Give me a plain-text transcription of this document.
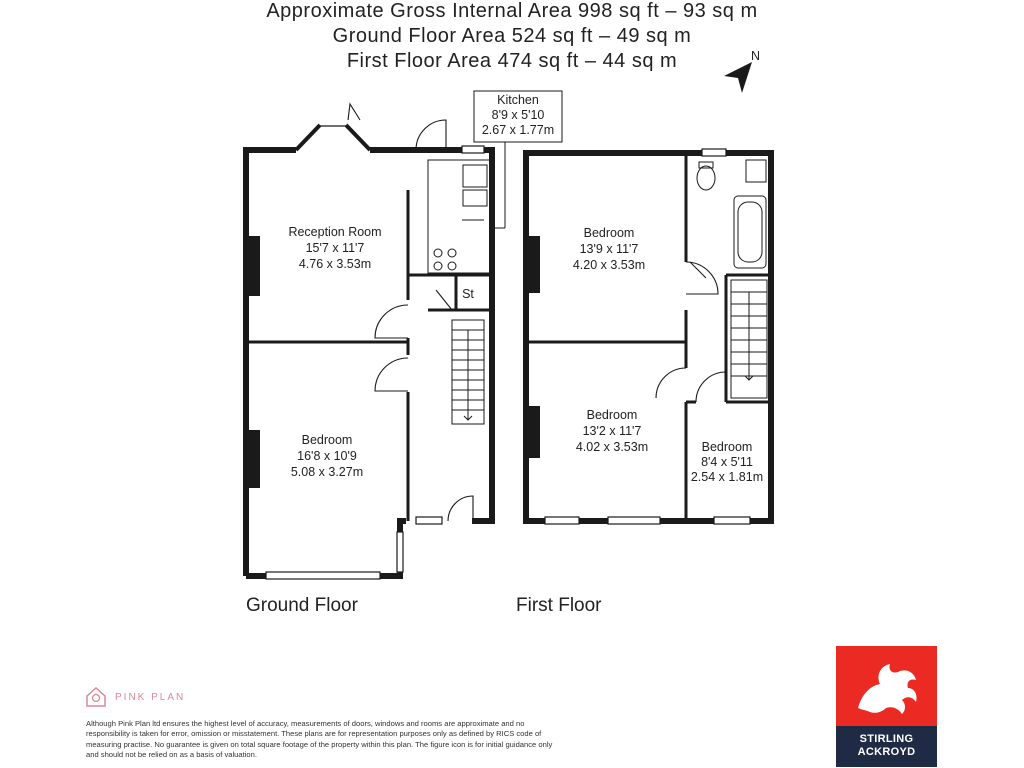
Approximate Gross Internal Area 998 sq ft – 93 sq m
Ground Floor Area 524 sq ft – 49 sq m
First Floor Area 474 sq ft – 44 sq m	N
Kitchen
8'9 x 5'10
2.67 x 1.77m
Reception Room
15'7 x 11'7
4.76 x 3.53m
St
Bedroom
16'8 x 10'9
5.08 x 3.27m
Bedroom
13'9 x 11'7
4.20 x 3.53m
Bedroom
13'2 x 11'7
4.02 x 3.53m	Bedroom
8'4 x 5'11
2.54 x 1.81m
Ground Floor	First Floor
PINK PLAN
Although Pink Plan ltd ensures the highest level of accuracy, measurements of doors, windows and rooms are approximate and no responsibility is taken for error, omission or misstatement. These plans are for representation purposes only as defined by RICS code of measuring practise. No guarantee is given on total square footage of the property within this plan. The figure icon is for initial guidance only and should not be relied on as a basis of valuation.
STIRLING
ACKROYD
